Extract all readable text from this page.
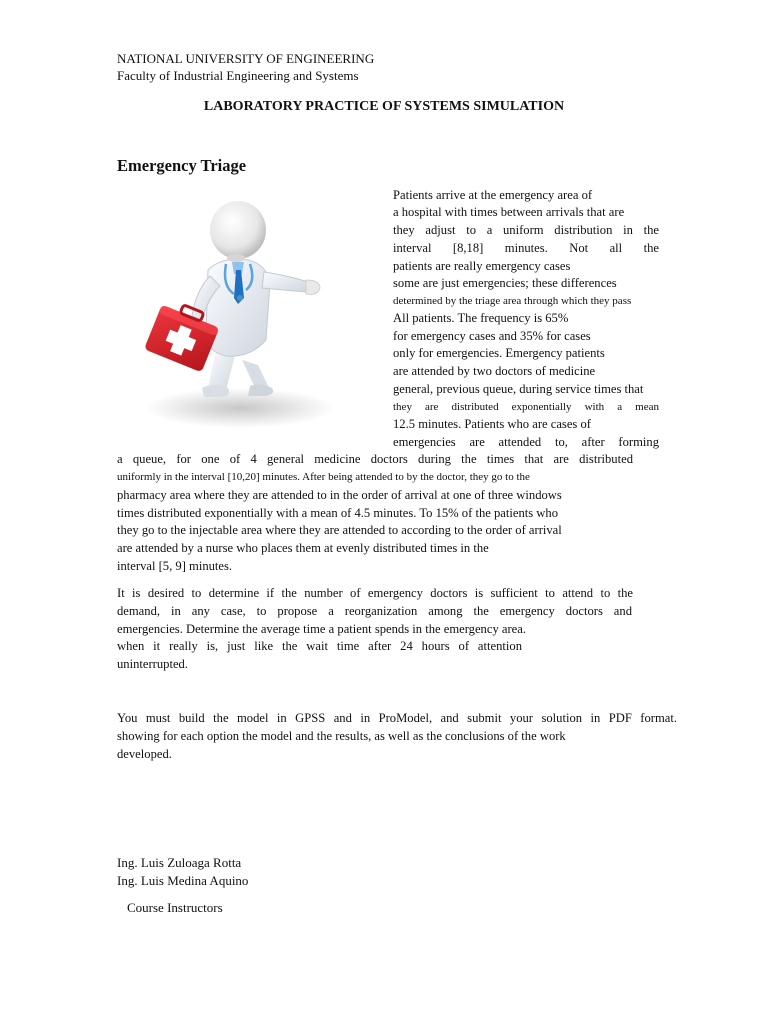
NATIONAL UNIVERSITY OF ENGINEERING
Faculty of Industrial Engineering and Systems
LABORATORY PRACTICE OF SYSTEMS SIMULATION
Emergency Triage
Patients arrive at the emergency area of
a hospital with times between arrivals that are
they adjust to a uniform distribution in the
interval [8,18] minutes. Not all the
patients are really emergency cases
some are just emergencies; these differences
determined by the triage area through which they pass
All patients. The frequency is 65%
for emergency cases and 35% for cases
only for emergencies. Emergency patients
are attended by two doctors of medicine
general, previous queue, during service times that
they are distributed exponentially with a mean
12.5 minutes. Patients who are cases of
emergencies are attended to, after forming
a queue, for one of 4 general medicine doctors during the times that are distributed
uniformly in the interval [10,20] minutes. After being attended to by the doctor, they go to the
pharmacy area where they are attended to in the order of arrival at one of three windows
times distributed exponentially with a mean of 4.5 minutes. To 15% of the patients who
they go to the injectable area where they are attended to according to the order of arrival
are attended by a nurse who places them at evenly distributed times in the
interval [5, 9] minutes.
It is desired to determine if the number of emergency doctors is sufficient to attend to the
demand, in any case, to propose a reorganization among the emergency doctors and
emergencies. Determine the average time a patient spends in the emergency area.
when it really is, just like the wait time after 24 hours of attention
uninterrupted.
You must build the model in GPSS and in ProModel, and submit your solution in PDF format.
showing for each option the model and the results, as well as the conclusions of the work
developed.
Ing. Luis Zuloaga Rotta
Ing. Luis Medina Aquino
Course Instructors
